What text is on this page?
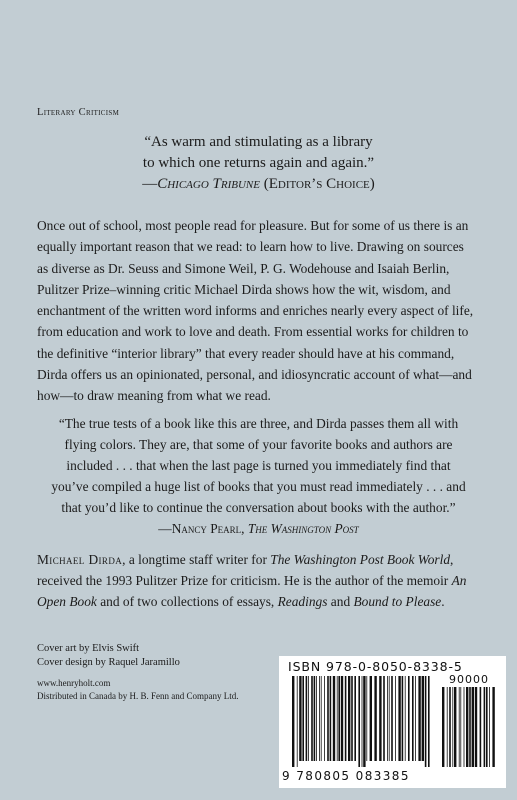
Literary Criticism
“As warm and stimulating as a library
to which one returns again and again.”
—Chicago Tribune (Editor’s Choice)
Once out of school, most people read for pleasure. But for some of us there is an
equally important reason that we read: to learn how to live. Drawing on sources
as diverse as Dr. Seuss and Simone Weil, P. G. Wodehouse and Isaiah Berlin,
Pulitzer Prize–winning critic Michael Dirda shows how the wit, wisdom, and
enchantment of the written word informs and enriches nearly every aspect of life,
from education and work to love and death. From essential works for children to
the definitive “interior library” that every reader should have at his command,
Dirda offers us an opinionated, personal, and idiosyncratic account of what—and
how—to draw meaning from what we read.
“The true tests of a book like this are three, and Dirda passes them all with
flying colors. They are, that some of your favorite books and authors are
included . . . that when the last page is turned you immediately find that
you’ve compiled a huge list of books that you must read immediately . . . and
that you’d like to continue the conversation about books with the author.”
—Nancy Pearl, The Washington Post
Michael Dirda, a longtime staff writer for The Washington Post Book World,
received the 1993 Pulitzer Prize for criticism. He is the author of the memoir An
Open Book and of two collections of essays, Readings and Bound to Please.
Cover art by Elvis Swift
Cover design by Raquel Jaramillo
www.henryholt.com
Distributed in Canada by H. B. Fenn and Company Ltd.
ISBN 978-0-8050-8338-5
90000
9 780805 083385
